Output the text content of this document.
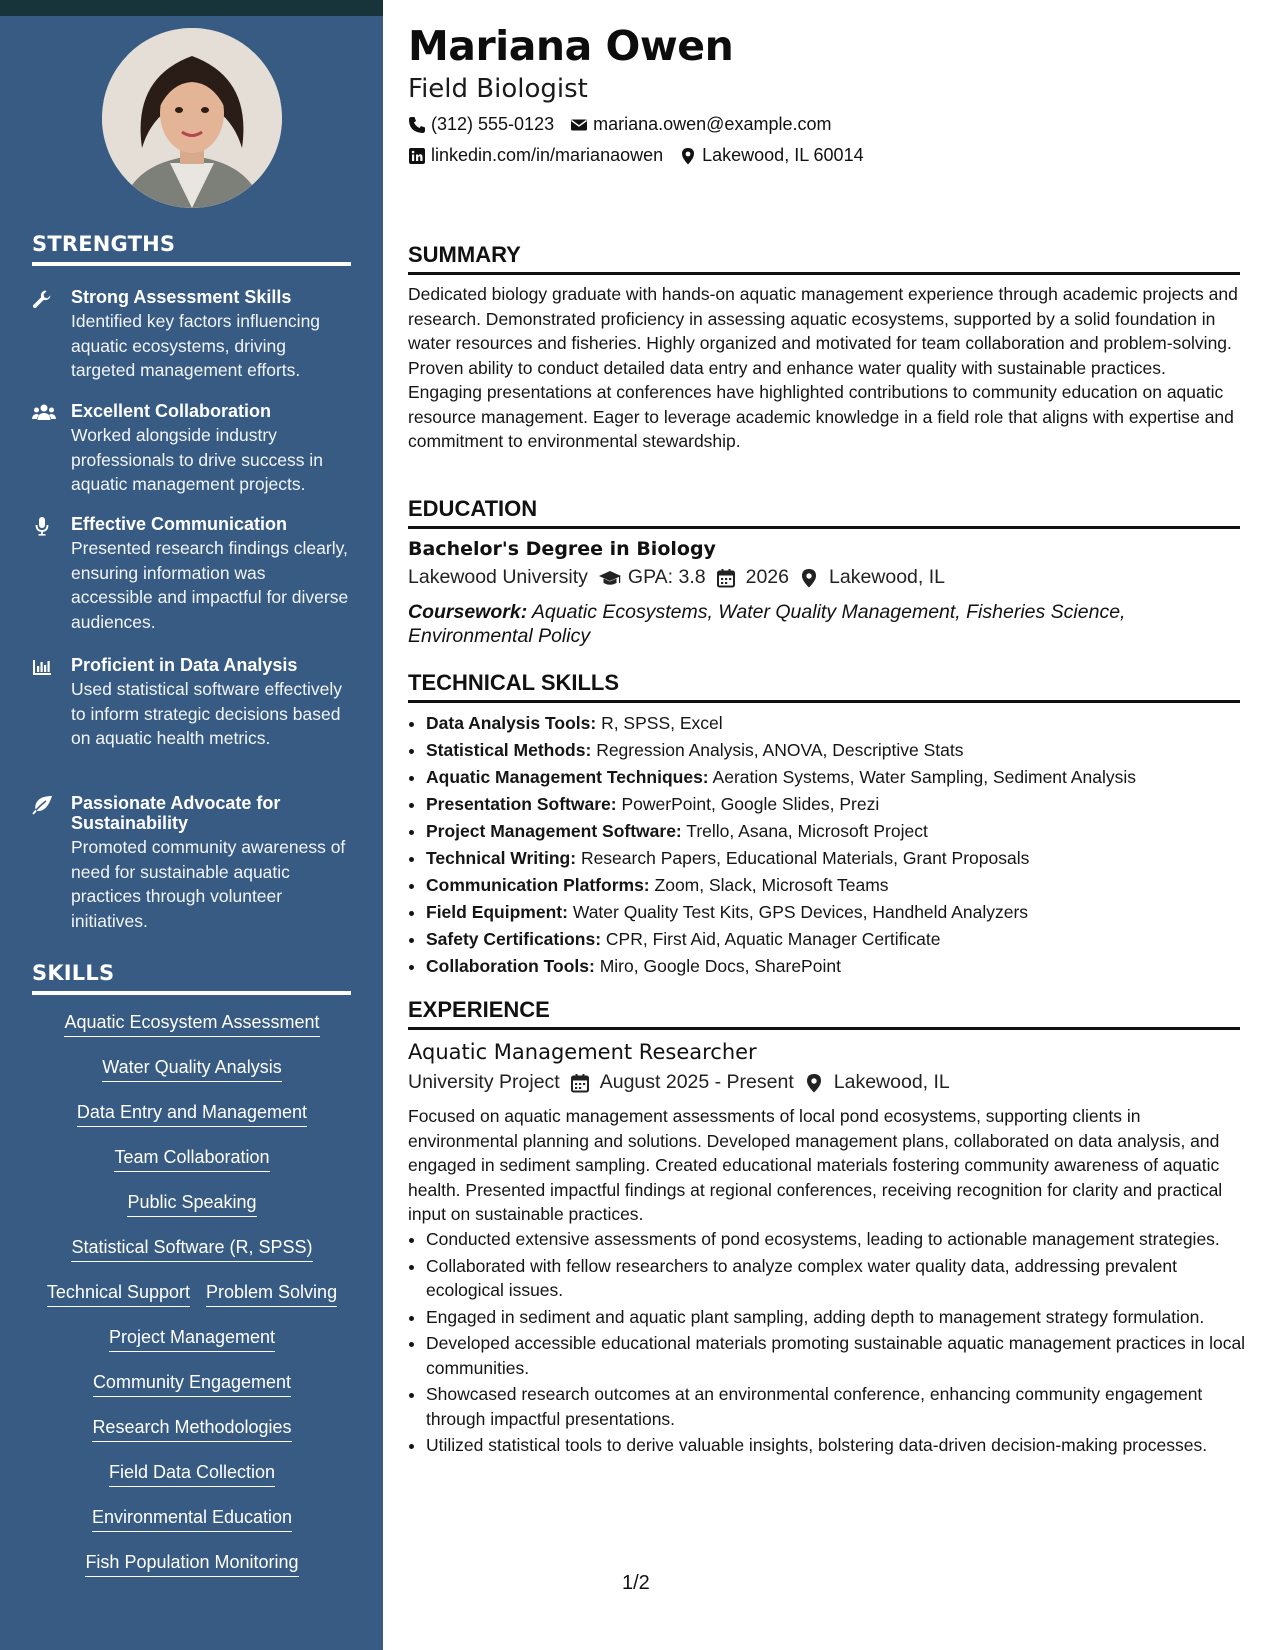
STRENGTHS
Strong Assessment Skills
Identified key factors influencing aquatic ecosystems, driving targeted management efforts.
Excellent Collaboration
Worked alongside industry professionals to drive success in aquatic management projects.
Effective Communication
Presented research findings clearly, ensuring information was accessible and impactful for diverse audiences.
Proficient in Data Analysis
Used statistical software effectively to inform strategic decisions based on aquatic health metrics.
Passionate Advocate for Sustainability
Promoted community awareness of need for sustainable aquatic practices through volunteer initiatives.
SKILLS
Aquatic Ecosystem Assessment
Water Quality Analysis
Data Entry and Management
Team Collaboration
Public Speaking
Statistical Software (R, SPSS)
Technical Support Problem Solving
Project Management
Community Engagement
Research Methodologies
Field Data Collection
Environmental Education
Fish Population Monitoring
Mariana Owen
Field Biologist
(312) 555-0123 mariana.owen@example.com
linkedin.com/in/marianaowen Lakewood, IL 60014
SUMMARY
Dedicated biology graduate with hands-on aquatic management experience through academic projects and research. Demonstrated proficiency in assessing aquatic ecosystems, supported by a solid foundation in water resources and fisheries. Highly organized and motivated for team collaboration and problem-solving. Proven ability to conduct detailed data entry and enhance water quality with sustainable practices. Engaging presentations at conferences have highlighted contributions to community education on aquatic resource management. Eager to leverage academic knowledge in a field role that aligns with expertise and commitment to environmental stewardship.
EDUCATION
Bachelor's Degree in Biology
Lakewood University GPA: 3.8 2026 Lakewood, IL
Coursework: Aquatic Ecosystems, Water Quality Management, Fisheries Science, Environmental Policy
TECHNICAL SKILLS
• Data Analysis Tools: R, SPSS, Excel
• Statistical Methods: Regression Analysis, ANOVA, Descriptive Stats
• Aquatic Management Techniques: Aeration Systems, Water Sampling, Sediment Analysis
• Presentation Software: PowerPoint, Google Slides, Prezi
• Project Management Software: Trello, Asana, Microsoft Project
• Technical Writing: Research Papers, Educational Materials, Grant Proposals
• Communication Platforms: Zoom, Slack, Microsoft Teams
• Field Equipment: Water Quality Test Kits, GPS Devices, Handheld Analyzers
• Safety Certifications: CPR, First Aid, Aquatic Manager Certificate
• Collaboration Tools: Miro, Google Docs, SharePoint
EXPERIENCE
Aquatic Management Researcher
University Project August 2025 - Present Lakewood, IL
Focused on aquatic management assessments of local pond ecosystems, supporting clients in environmental planning and solutions. Developed management plans, collaborated on data analysis, and engaged in sediment sampling. Created educational materials fostering community awareness of aquatic health. Presented impactful findings at regional conferences, receiving recognition for clarity and practical input on sustainable practices.
• Conducted extensive assessments of pond ecosystems, leading to actionable management strategies.
• Collaborated with fellow researchers to analyze complex water quality data, addressing prevalent ecological issues.
• Engaged in sediment and aquatic plant sampling, adding depth to management strategy formulation.
• Developed accessible educational materials promoting sustainable aquatic management practices in local communities.
• Showcased research outcomes at an environmental conference, enhancing community engagement through impactful presentations.
• Utilized statistical tools to derive valuable insights, bolstering data-driven decision-making processes.
1/2
